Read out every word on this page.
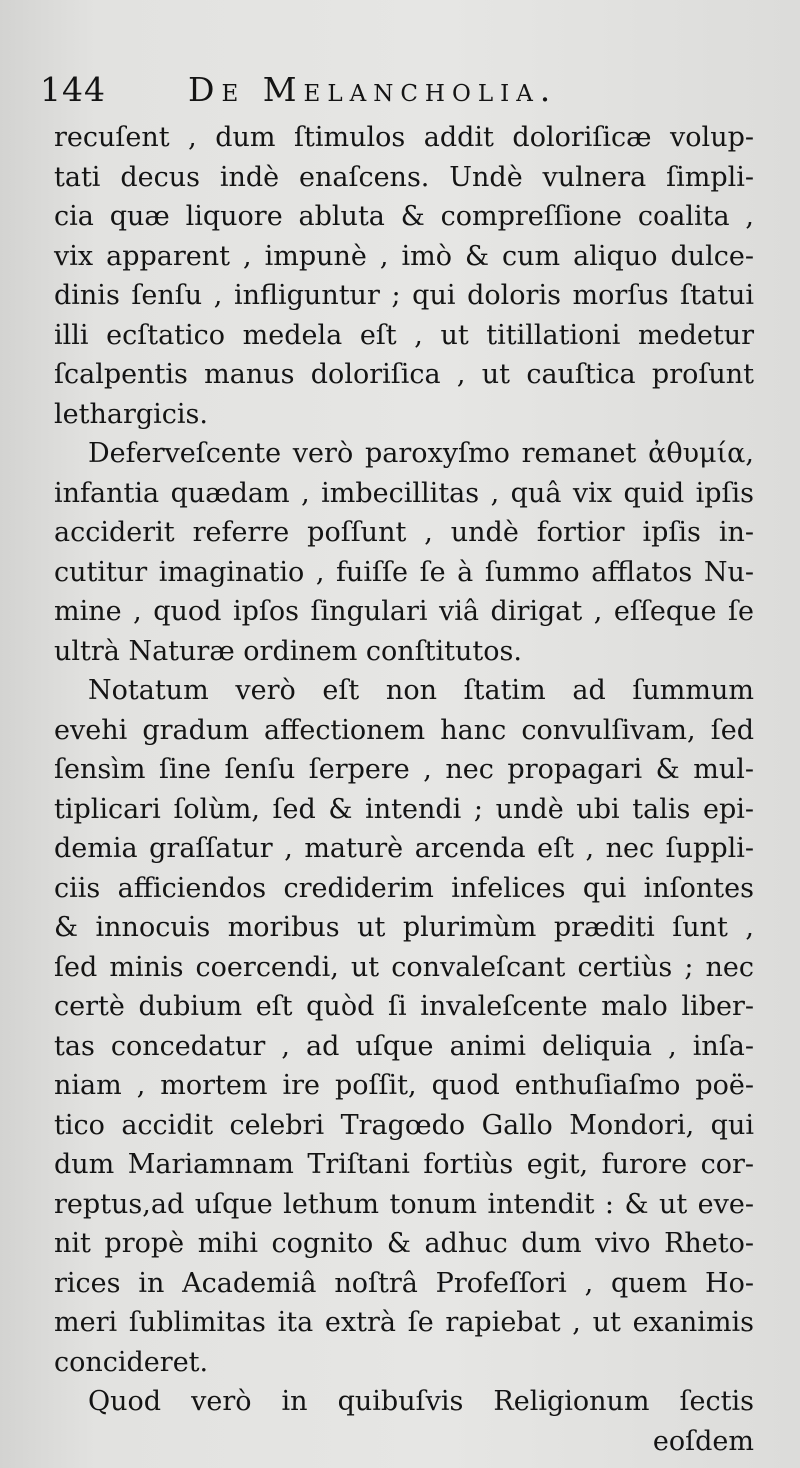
144 De Melancholia.
recuſent , dum ſtimulos addit doloriſicæ volup-
tati decus indè enaſcens. Undè vulnera ſimpli-
cia quæ liquore abluta & compreſſione coalita ,
vix apparent , impunè , imò & cum aliquo dulce-
dinis ſenſu , infliguntur ; qui doloris morſus ſtatui
illi ecſtatico medela eſt , ut titillationi medetur
ſcalpentis manus doloriſica , ut cauſtica proſunt
lethargicis.
Deferveſcente verò paroxyſmo remanet ἀθυμία,
infantia quædam , imbecillitas , quâ vix quid ipſis
acciderit referre poſſunt , undè fortior ipſis in-
cutitur imaginatio , fuiſſe ſe à ſummo afflatos Nu-
mine , quod ipſos ſingulari viâ dirigat , eſſeque ſe
ultrà Naturæ ordinem conſtitutos.
Notatum verò eſt non ſtatim ad ſummum
evehi gradum affectionem hanc convulſivam, ſed
ſensìm ſine ſenſu ſerpere , nec propagari & mul-
tiplicari ſolùm, ſed & intendi ; undè ubi talis epi-
demia graſſatur , maturè arcenda eſt , nec ſuppli-
ciis afficiendos crediderim infelices qui inſontes
& innocuis moribus ut plurimùm præditi ſunt ,
ſed minis coercendi, ut convaleſcant certiùs ; nec
certè dubium eſt quòd ſi invaleſcente malo liber-
tas concedatur , ad uſque animi deliquia , inſa-
niam , mortem ire poſſit, quod enthuſiaſmo poë-
tico accidit celebri Tragœdo Gallo Mondori, qui
dum Mariamnam Triſtani fortiùs egit, furore cor-
reptus,ad uſque lethum tonum intendit : & ut eve-
nit propè mihi cognito & adhuc dum vivo Rheto-
rices in Academiâ noſtrâ Profeſſori , quem Ho-
meri ſublimitas ita extrà ſe rapiebat , ut exanimis
concideret.
Quod verò in quibuſvis Religionum ſectis
eoſdem
